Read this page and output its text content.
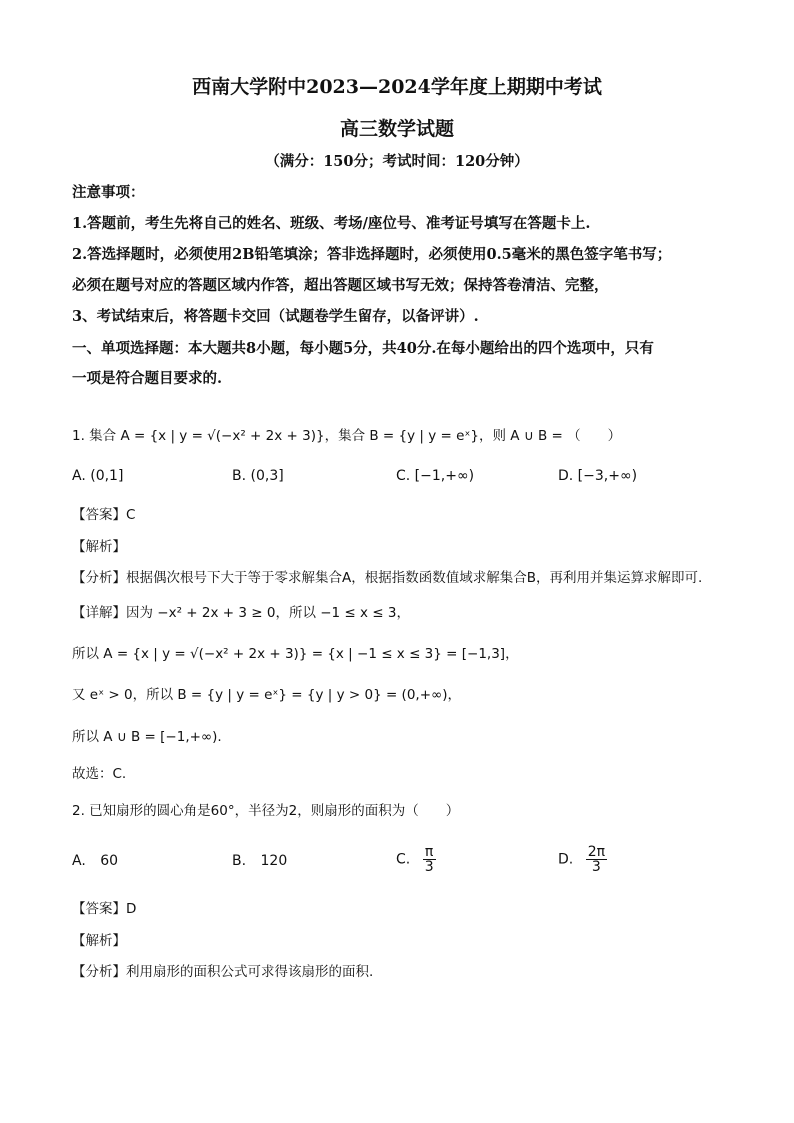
西南大学附中2023—2024学年度上期期中考试
高三数学试题
（满分：150分；考试时间：120分钟）
注意事项：
1.答题前，考生先将自己的姓名、班级、考场/座位号、准考证号填写在答题卡上.
2.答选择题时，必须使用2B铅笔填涂；答非选择题时，必须使用0.5毫米的黑色签字笔书写；
必须在题号对应的答题区域内作答，超出答题区域书写无效；保持答卷清洁、完整，
3、考试结束后，将答题卡交回（试题卷学生留存，以备评讲）.
一、单项选择题：本大题共8小题，每小题5分，共40分.在每小题给出的四个选项中，只有
一项是符合题目要求的.
1. 集合 A = {x | y = √(−x² + 2x + 3)}，集合 B = {y | y = eˣ}，则 A ∪ B = （　　）
A. (0,1]	B. (0,3]	C. [−1,+∞)	D. [−3,+∞)
【答案】C
【解析】
【分析】根据偶次根号下大于等于零求解集合A，根据指数函数值域求解集合B，再利用并集运算求解即可.
【详解】因为 −x² + 2x + 3 ≥ 0，所以 −1 ≤ x ≤ 3，
所以 A = {x | y = √(−x² + 2x + 3)} = {x | −1 ≤ x ≤ 3} = [−1,3]，
又 eˣ > 0，所以 B = {y | y = eˣ} = {y | y > 0} = (0,+∞)，
所以 A ∪ B = [−1,+∞).
故选：C.
2. 已知扇形的圆心角是60°，半径为2，则扇形的面积为（　　）
A. 60	B. 120	C. $\frac{\pi}{3}$	D. $\frac{2\pi}{3}$
【答案】D
【解析】
【分析】利用扇形的面积公式可求得该扇形的面积.
